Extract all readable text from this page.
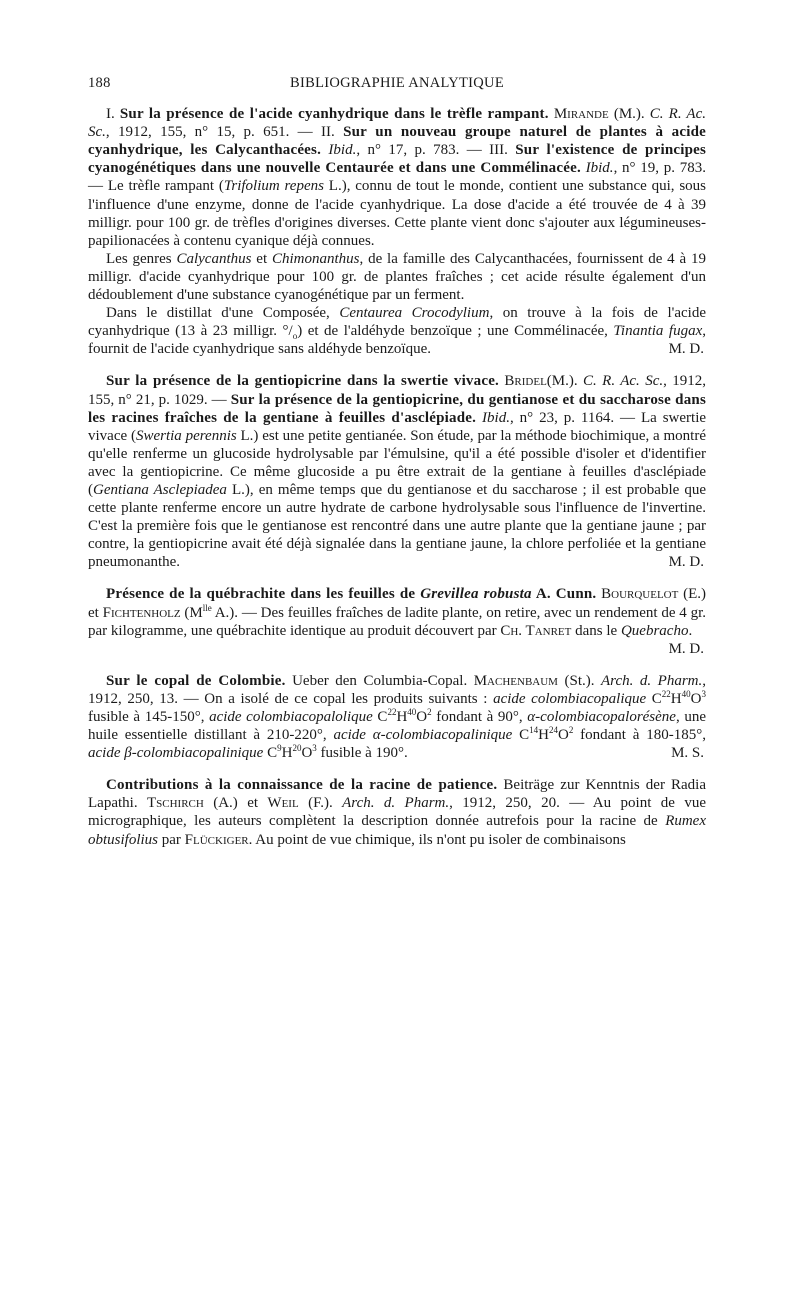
188	BIBLIOGRAPHIE ANALYTIQUE

I. Sur la présence de l'acide cyanhydrique dans le trèfle rampant. Mirande (M.). C. R. Ac. Sc., 1912, 155, n° 15, p. 651. — II. Sur un nouveau groupe naturel de plantes à acide cyanhydrique, les Calycanthacées. Ibid., n° 17, p. 783. — III. Sur l'existence de principes cyanogénétiques dans une nouvelle Centaurée et dans une Commélinacée. Ibid., n° 19, p. 783. — Le trèfle rampant (Trifolium repens L.), connu de tout le monde, contient une substance qui, sous l'influence d'une enzyme, donne de l'acide cyanhydrique. La dose d'acide a été trouvée de 4 à 39 milligr. pour 100 gr. de trèfles d'origines diverses. Cette plante vient donc s'ajouter aux légumineuses-papilionacées à contenu cyanique déjà connues.

Les genres Calycanthus et Chimonanthus, de la famille des Calycanthacées, fournissent de 4 à 19 milligr. d'acide cyanhydrique pour 100 gr. de plantes fraîches ; cet acide résulte également d'un dédoublement d'une substance cyanogénétique par un ferment.

Dans le distillat d'une Composée, Centaurea Crocodylium, on trouve à la fois de l'acide cyanhydrique (13 à 23 milligr. $^\circ/_o$) et de l'aldéhyde benzoïque ; une Commélinacée, Tinantia fugax, fournit de l'acide cyanhydrique sans aldéhyde benzoïque.	M. D.

Sur la présence de la gentiopicrine dans la swertie vivace. Bridel(M.). C. R. Ac. Sc., 1912, 155, n° 21, p. 1029. — Sur la présence de la gentiopicrine, du gentianose et du saccharose dans les racines fraîches de la gentiane à feuilles d'asclépiade. Ibid., n° 23, p. 1164. — La swertie vivace (Swertia perennis L.) est une petite gentianée. Son étude, par la méthode biochimique, a montré qu'elle renferme un glucoside hydrolysable par l'émulsine, qu'il a été possible d'isoler et d'identifier avec la gentiopicrine. Ce même glucoside a pu être extrait de la gentiane à feuilles d'asclépiade (Gentiana Asclepiadea L.), en même temps que du gentianose et du saccharose ; il est probable que cette plante renferme encore un autre hydrate de carbone hydrolysable sous l'influence de l'invertine. C'est la première fois que le gentianose est rencontré dans une autre plante que la gentiane jaune ; par contre, la gentiopicrine avait été déjà signalée dans la gentiane jaune, la chlore perfoliée et la gentiane pneumonanthe.	M. D.

Présence de la québrachite dans les feuilles de Grevillea robusta A. Cunn. Bourquelot (E.) et Fichtenholz ($M^{lle}$ A.). — Des feuilles fraîches de ladite plante, on retire, avec un rendement de 4 gr. par kilogramme, une québrachite identique au produit découvert par Ch. Tanret dans le Quebracho.
M. D.

Sur le copal de Colombie. Ueber den Columbia-Copal. Machenbaum (St.). Arch. d. Pharm., 1912, 250, 13. — On a isolé de ce copal les produits suivants : acide colombiacopalique $C^{22}H^{40}O^3$ fusible à 145-150°, acide colombiacopalolique $C^{22}H^{40}O^2$ fondant à 90°, α-colombiacopalorésène, une huile essentielle distillant à 210-220°, acide α-colombiacopalinique $C^{14}H^{24}O^2$ fondant à 180-185°, acide β-colombiacopalinique $C^9H^{20}O^3$ fusible à 190°.	M. S.

Contributions à la connaissance de la racine de patience. Beiträge zur Kenntnis der Radia Lapathi. Tschirch (A.) et Weil (F.). Arch. d. Pharm., 1912, 250, 20. — Au point de vue micrographique, les auteurs complètent la description donnée autrefois pour la racine de Rumex obtusifolius par Flückiger. Au point de vue chimique, ils n'ont pu isoler de combinaisons
